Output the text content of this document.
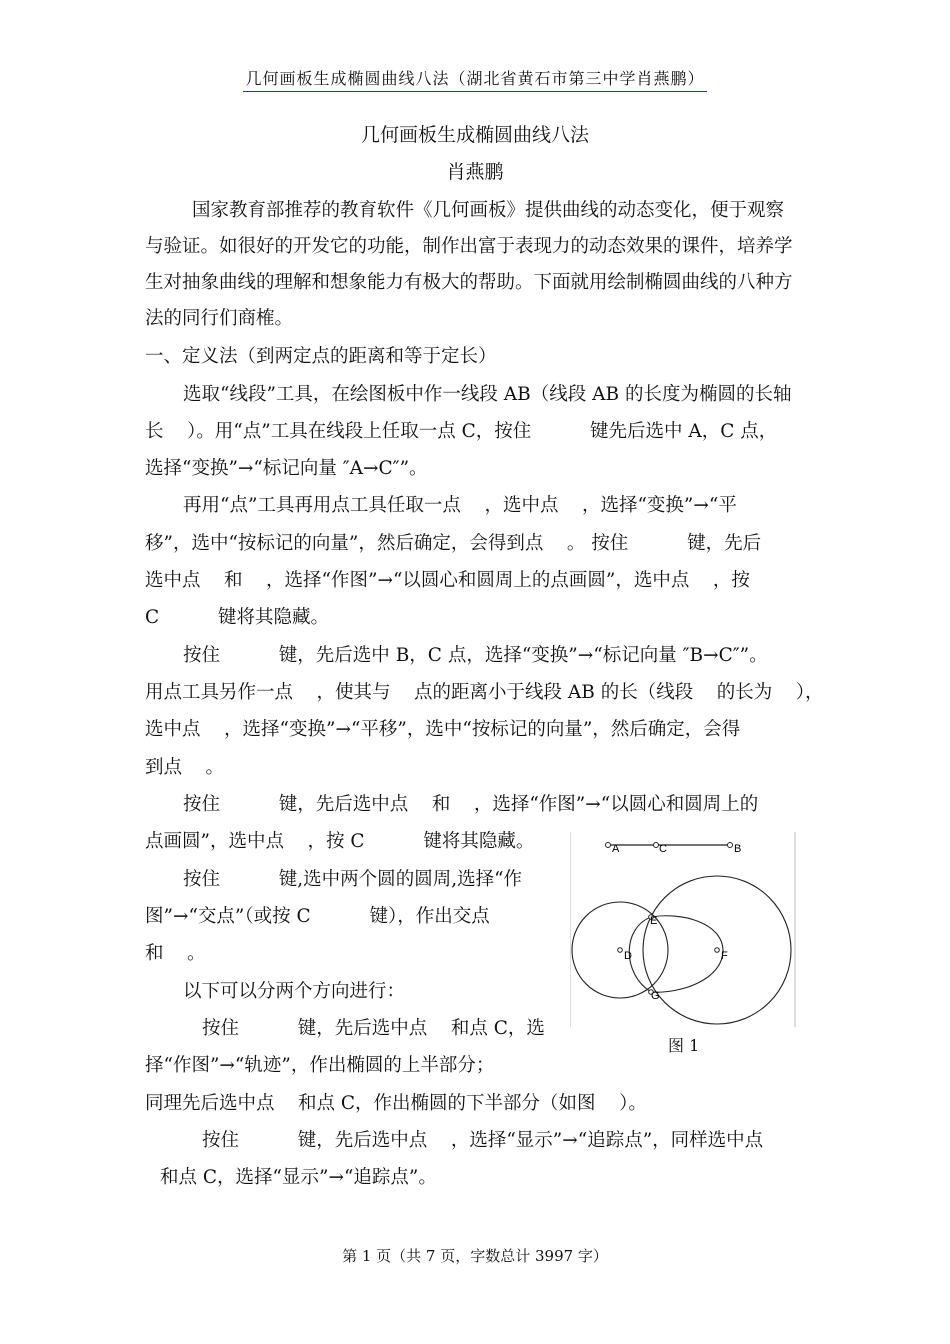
几何画板生成椭圆曲线八法（湖北省黄石市第三中学肖燕鹏）
几何画板生成椭圆曲线八法
肖燕鹏
国家教育部推荐的教育软件《几何画板》提供曲线的动态变化，便于观察
与验证。如很好的开发它的功能，制作出富于表现力的动态效果的课件，培养学
生对抽象曲线的理解和想象能力有极大的帮助。下面就用绘制椭圆曲线的八种方
法的同行们商榷。
一、定义法（到两定点的距离和等于定长）
选取“线段”工具，在绘图板中作一线段 AB（线段 AB 的长度为椭圆的长轴
长    ）。用“点”工具在线段上任取一点 C，按住          键先后选中 A，C 点，
选择“变换”→“标记向量 ″A→C″”。
再用“点”工具再用点工具任取一点    ，选中点    ，选择“变换”→“平
移”，选中“按标记的向量”，然后确定，会得到点    。 按住          键，先后
选中点    和    ，选择“作图”→“以圆心和圆周上的点画圆”，选中点    ，按
C          键将其隐藏。
按住          键，先后选中 B，C 点，选择“变换”→“标记向量 ″B→C″”。
用点工具另作一点    ，使其与    点的距离小于线段 AB 的长（线段    的长为    ），
选中点    ，选择“变换”→“平移”，选中“按标记的向量”，然后确定，会得
到点    。
按住          键，先后选中点    和    ，选择“作图”→“以圆心和圆周上的
点画圆”，选中点    ，按 C          键将其隐藏。
按住          键,选中两个圆的圆周,选择“作
图”→“交点”（或按 C          键），作出交点
和    。
以下可以分两个方向进行：
按住          键，先后选中点    和点 C，选
择“作图”→“轨迹”，作出椭圆的上半部分；
同理先后选中点    和点 C，作出椭圆的下半部分（如图    ）。
按住          键，先后选中点    ，选择“显示”→“追踪点”，同样选中点
和点 C，选择“显示”→“追踪点”。
A	C	B
E
D	F
G
图 1
第 1 页（共 7 页，字数总计 3997 字）
